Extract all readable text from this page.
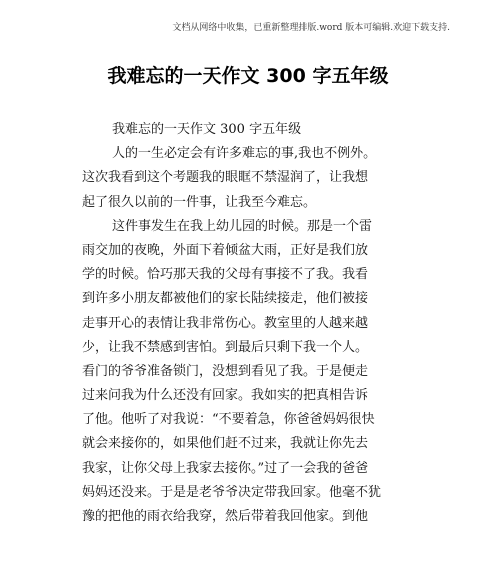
文档从网络中收集，已重新整理排版.word 版本可编辑.欢迎下载支持.
我难忘的一天作文 300 字五年级
我难忘的一天作文 300 字五年级
人的一生必定会有许多难忘的事,我也不例外。
这次我看到这个考题我的眼眶不禁湿润了，让我想
起了很久以前的一件事，让我至今难忘。
这件事发生在我上幼儿园的时候。那是一个雷
雨交加的夜晚，外面下着倾盆大雨，正好是我们放
学的时候。恰巧那天我的父母有事接不了我。我看
到许多小朋友都被他们的家长陆续接走，他们被接
走事开心的表情让我非常伤心。教室里的人越来越
少，让我不禁感到害怕。到最后只剩下我一个人。
看门的爷爷准备锁门，没想到看见了我。于是便走
过来问我为什么还没有回家。我如实的把真相告诉
了他。他听了对我说：“不要着急，你爸爸妈妈很快
就会来接你的，如果他们赶不过来，我就让你先去
我家，让你父母上我家去接你。”过了一会我的爸爸
妈妈还没来。于是是老爷爷决定带我回家。他毫不犹
豫的把他的雨衣给我穿，然后带着我回他家。到他
